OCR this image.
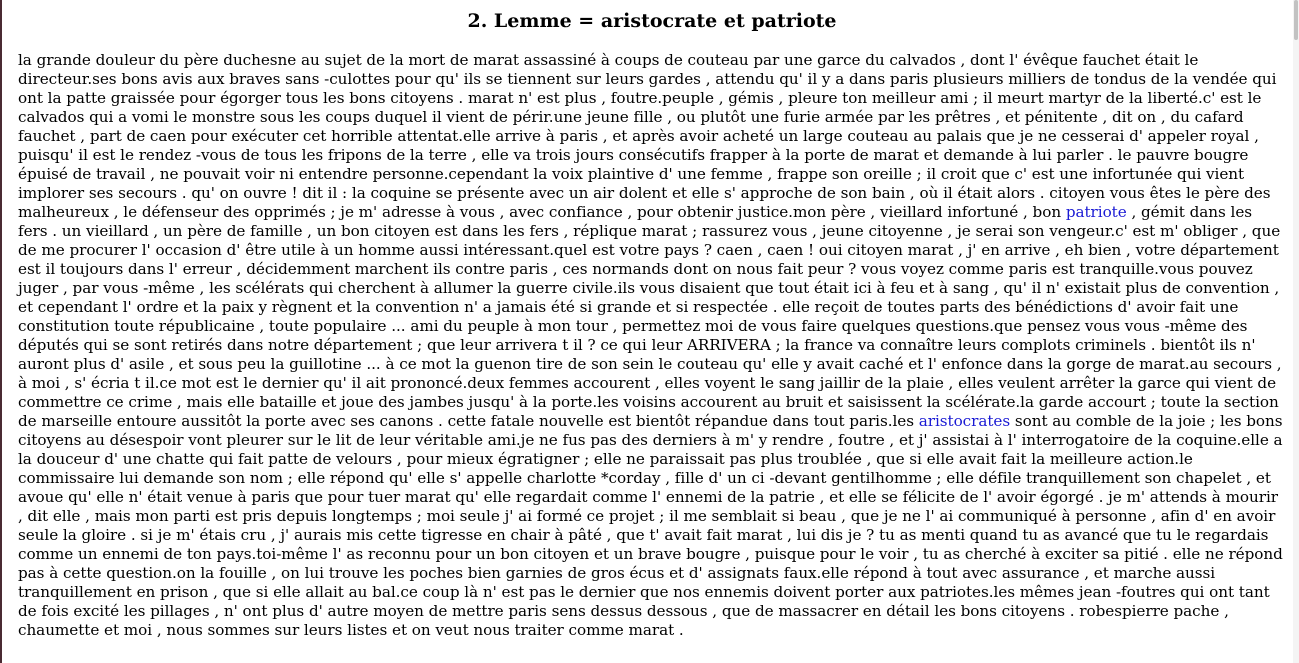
2. Lemme = aristocrate et patriote

la grande douleur du père duchesne au sujet de la mort de marat assassiné à coups de couteau par une garce du calvados , dont l' évêque fauchet était le directeur.ses bons avis aux braves sans -culottes pour qu' ils se tiennent sur leurs gardes , attendu qu' il y a dans paris plusieurs milliers de tondus de la vendée qui ont la patte graissée pour égorger tous les bons citoyens . marat n' est plus , foutre.peuple , gémis , pleure ton meilleur ami ; il meurt martyr de la liberté.c' est le calvados qui a vomi le monstre sous les coups duquel il vient de périr.une jeune fille , ou plutôt une furie armée par les prêtres , et pénitente , dit on , du cafard fauchet , part de caen pour exécuter cet horrible attentat.elle arrive à paris , et après avoir acheté un large couteau au palais que je ne cesserai d' appeler royal , puisqu' il est le rendez -vous de tous les fripons de la terre , elle va trois jours consécutifs frapper à la porte de marat et demande à lui parler . le pauvre bougre épuisé de travail , ne pouvait voir ni entendre personne.cependant la voix plaintive d' une femme , frappe son oreille ; il croit que c' est une infortunée qui vient implorer ses secours . qu' on ouvre ! dit il : la coquine se présente avec un air dolent et elle s' approche de son bain , où il était alors . citoyen vous êtes le père des malheureux , le défenseur des opprimés ; je m' adresse à vous , avec confiance , pour obtenir justice.mon père , vieillard infortuné , bon patriote , gémit dans les fers . un vieillard , un père de famille , un bon citoyen est dans les fers , réplique marat ; rassurez vous , jeune citoyenne , je serai son vengeur.c' est m' obliger , que de me procurer l' occasion d' être utile à un homme aussi intéressant.quel est votre pays ? caen , caen ! oui citoyen marat , j' en arrive , eh bien , votre département est il toujours dans l' erreur , décidemment marchent ils contre paris , ces normands dont on nous fait peur ? vous voyez comme paris est tranquille.vous pouvez juger , par vous -même , les scélérats qui cherchent à allumer la guerre civile.ils vous disaient que tout était ici à feu et à sang , qu' il n' existait plus de convention , et cependant l' ordre et la paix y règnent et la convention n' a jamais été si grande et si respectée . elle reçoit de toutes parts des bénédictions d' avoir fait une constitution toute républicaine , toute populaire ... ami du peuple à mon tour , permettez moi de vous faire quelques questions.que pensez vous vous -même des députés qui se sont retirés dans notre département ; que leur arrivera t il ? ce qui leur ARRIVERA ; la france va connaître leurs complots criminels . bientôt ils n' auront plus d' asile , et sous peu la guillotine ... à ce mot la guenon tire de son sein le couteau qu' elle y avait caché et l' enfonce dans la gorge de marat.au secours , à moi , s' écria t il.ce mot est le dernier qu' il ait prononcé.deux femmes accourent , elles voyent le sang jaillir de la plaie , elles veulent arrêter la garce qui vient de commettre ce crime , mais elle bataille et joue des jambes jusqu' à la porte.les voisins accourent au bruit et saisissent la scélérate.la garde accourt ; toute la section de marseille entoure aussitôt la porte avec ses canons . cette fatale nouvelle est bientôt répandue dans tout paris.les aristocrates sont au comble de la joie ; les bons citoyens au désespoir vont pleurer sur le lit de leur véritable ami.je ne fus pas des derniers à m' y rendre , foutre , et j' assistai à l' interrogatoire de la coquine.elle a la douceur d' une chatte qui fait patte de velours , pour mieux égratigner ; elle ne paraissait pas plus troublée , que si elle avait fait la meilleure action.le commissaire lui demande son nom ; elle répond qu' elle s' appelle charlotte *corday , fille d' un ci -devant gentilhomme ; elle défile tranquillement son chapelet , et avoue qu' elle n' était venue à paris que pour tuer marat qu' elle regardait comme l' ennemi de la patrie , et elle se félicite de l' avoir égorgé . je m' attends à mourir , dit elle , mais mon parti est pris depuis longtemps ; moi seule j' ai formé ce projet ; il me semblait si beau , que je ne l' ai communiqué à personne , afin d' en avoir seule la gloire . si je m' étais cru , j' aurais mis cette tigresse en chair à pâté , que t' avait fait marat , lui dis je ? tu as menti quand tu as avancé que tu le regardais comme un ennemi de ton pays.toi-même l' as reconnu pour un bon citoyen et un brave bougre , puisque pour le voir , tu as cherché à exciter sa pitié . elle ne répond pas à cette question.on la fouille , on lui trouve les poches bien garnies de gros écus et d' assignats faux.elle répond à tout avec assurance , et marche aussi tranquillement en prison , que si elle allait au bal.ce coup là n' est pas le dernier que nos ennemis doivent porter aux patriotes.les mêmes jean -foutres qui ont tant de fois excité les pillages , n' ont plus d' autre moyen de mettre paris sens dessus dessous , que de massacrer en détail les bons citoyens . robespierre pache , chaumette et moi , nous sommes sur leurs listes et on veut nous traiter comme marat .
